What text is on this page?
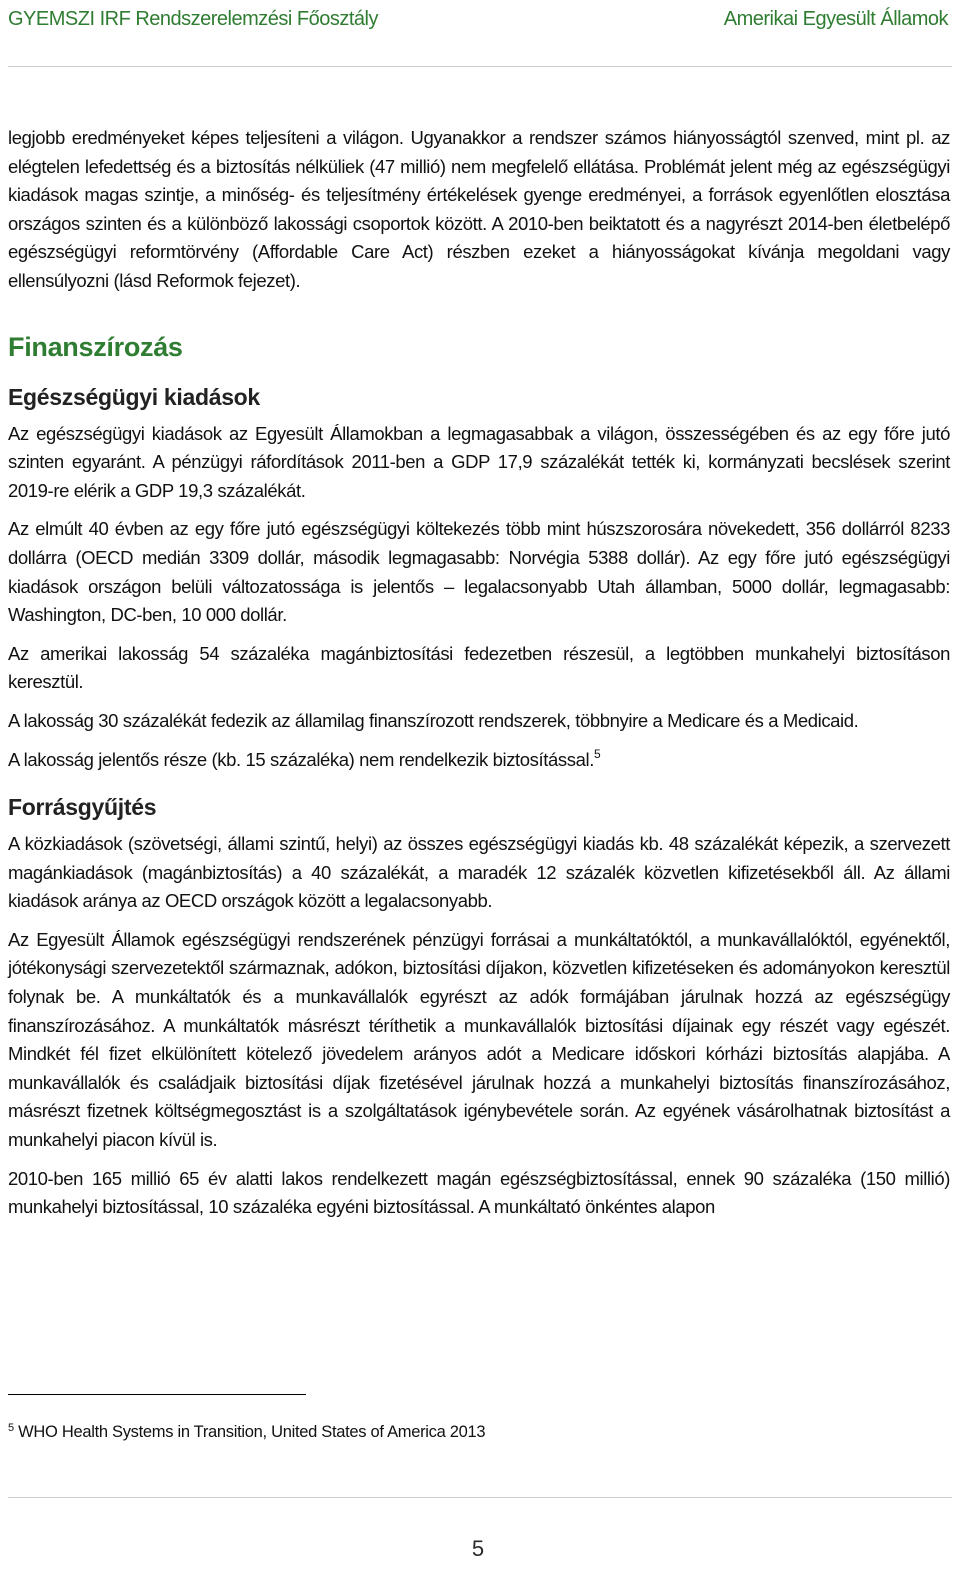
GYEMSZI IRF Rendszerelemzési Főosztály	Amerikai Egyesült Államok

legjobb eredményeket képes teljesíteni a világon. Ugyanakkor a rendszer számos hiányosságtól szenved, mint pl. az elégtelen lefedettség és a biztosítás nélküliek (47 millió) nem megfelelő ellátása. Problémát jelent még az egészségügyi kiadások magas szintje, a minőség- és teljesítmény értékelések gyenge eredményei, a források egyenlőtlen elosztása országos szinten és a különböző lakossági csoportok között. A 2010-ben beiktatott és a nagyrészt 2014-ben életbelépő egészségügyi reformtörvény (Affordable Care Act) részben ezeket a hiányosságokat kívánja megoldani vagy ellensúlyozni (lásd Reformok fejezet).

Finanszírozás
Egészségügyi kiadások

Az egészségügyi kiadások az Egyesült Államokban a legmagasabbak a világon, összességében és az egy főre jutó szinten egyaránt. A pénzügyi ráfordítások 2011-ben a GDP 17,9 százalékát tették ki, kormányzati becslések szerint 2019-re elérik a GDP 19,3 százalékát.

Az elmúlt 40 évben az egy főre jutó egészségügyi költekezés több mint húszszorosára növekedett, 356 dollárról 8233 dollárra (OECD medián 3309 dollár, második legmagasabb: Norvégia 5388 dollár). Az egy főre jutó egészségügyi kiadások országon belüli változatossága is jelentős – legalacsonyabb Utah államban, 5000 dollár, legmagasabb: Washington, DC-ben, 10 000 dollár.

Az amerikai lakosság 54 százaléka magánbiztosítási fedezetben részesül, a legtöbben munkahelyi biztosításon keresztül.

A lakosság 30 százalékát fedezik az államilag finanszírozott rendszerek, többnyire a Medicare és a Medicaid.

A lakosság jelentős része (kb. 15 százaléka) nem rendelkezik biztosítással.$^5$

Forrásgyűjtés

A közkiadások (szövetségi, állami szintű, helyi) az összes egészségügyi kiadás kb. 48 százalékát képezik, a szervezett magánkiadások (magánbiztosítás) a 40 százalékát, a maradék 12 százalék közvetlen kifizetésekből áll. Az állami kiadások aránya az OECD országok között a legalacsonyabb.

Az Egyesült Államok egészségügyi rendszerének pénzügyi forrásai a munkáltatóktól, a munkavállalóktól, egyénektől, jótékonysági szervezetektől származnak, adókon, biztosítási díjakon, közvetlen kifizetéseken és adományokon keresztül folynak be. A munkáltatók és a munkavállalók egyrészt az adók formájában járulnak hozzá az egészségügy finanszírozásához. A munkáltatók másrészt téríthetik a munkavállalók biztosítási díjainak egy részét vagy egészét. Mindkét fél fizet elkülönített kötelező jövedelem arányos adót a Medicare időskori kórházi biztosítás alapjába. A munkavállalók és családjaik biztosítási díjak fizetésével járulnak hozzá a munkahelyi biztosítás finanszírozásához, másrészt fizetnek költségmegosztást is a szolgáltatások igénybevétele során. Az egyének vásárolhatnak biztosítást a munkahelyi piacon kívül is.

2010-ben 165 millió 65 év alatti lakos rendelkezett magán egészségbiztosítással, ennek 90 százaléka (150 millió) munkahelyi biztosítással, 10 százaléka egyéni biztosítással. A munkáltató önkéntes alapon

$^5$ WHO Health Systems in Transition, United States of America 2013
5
